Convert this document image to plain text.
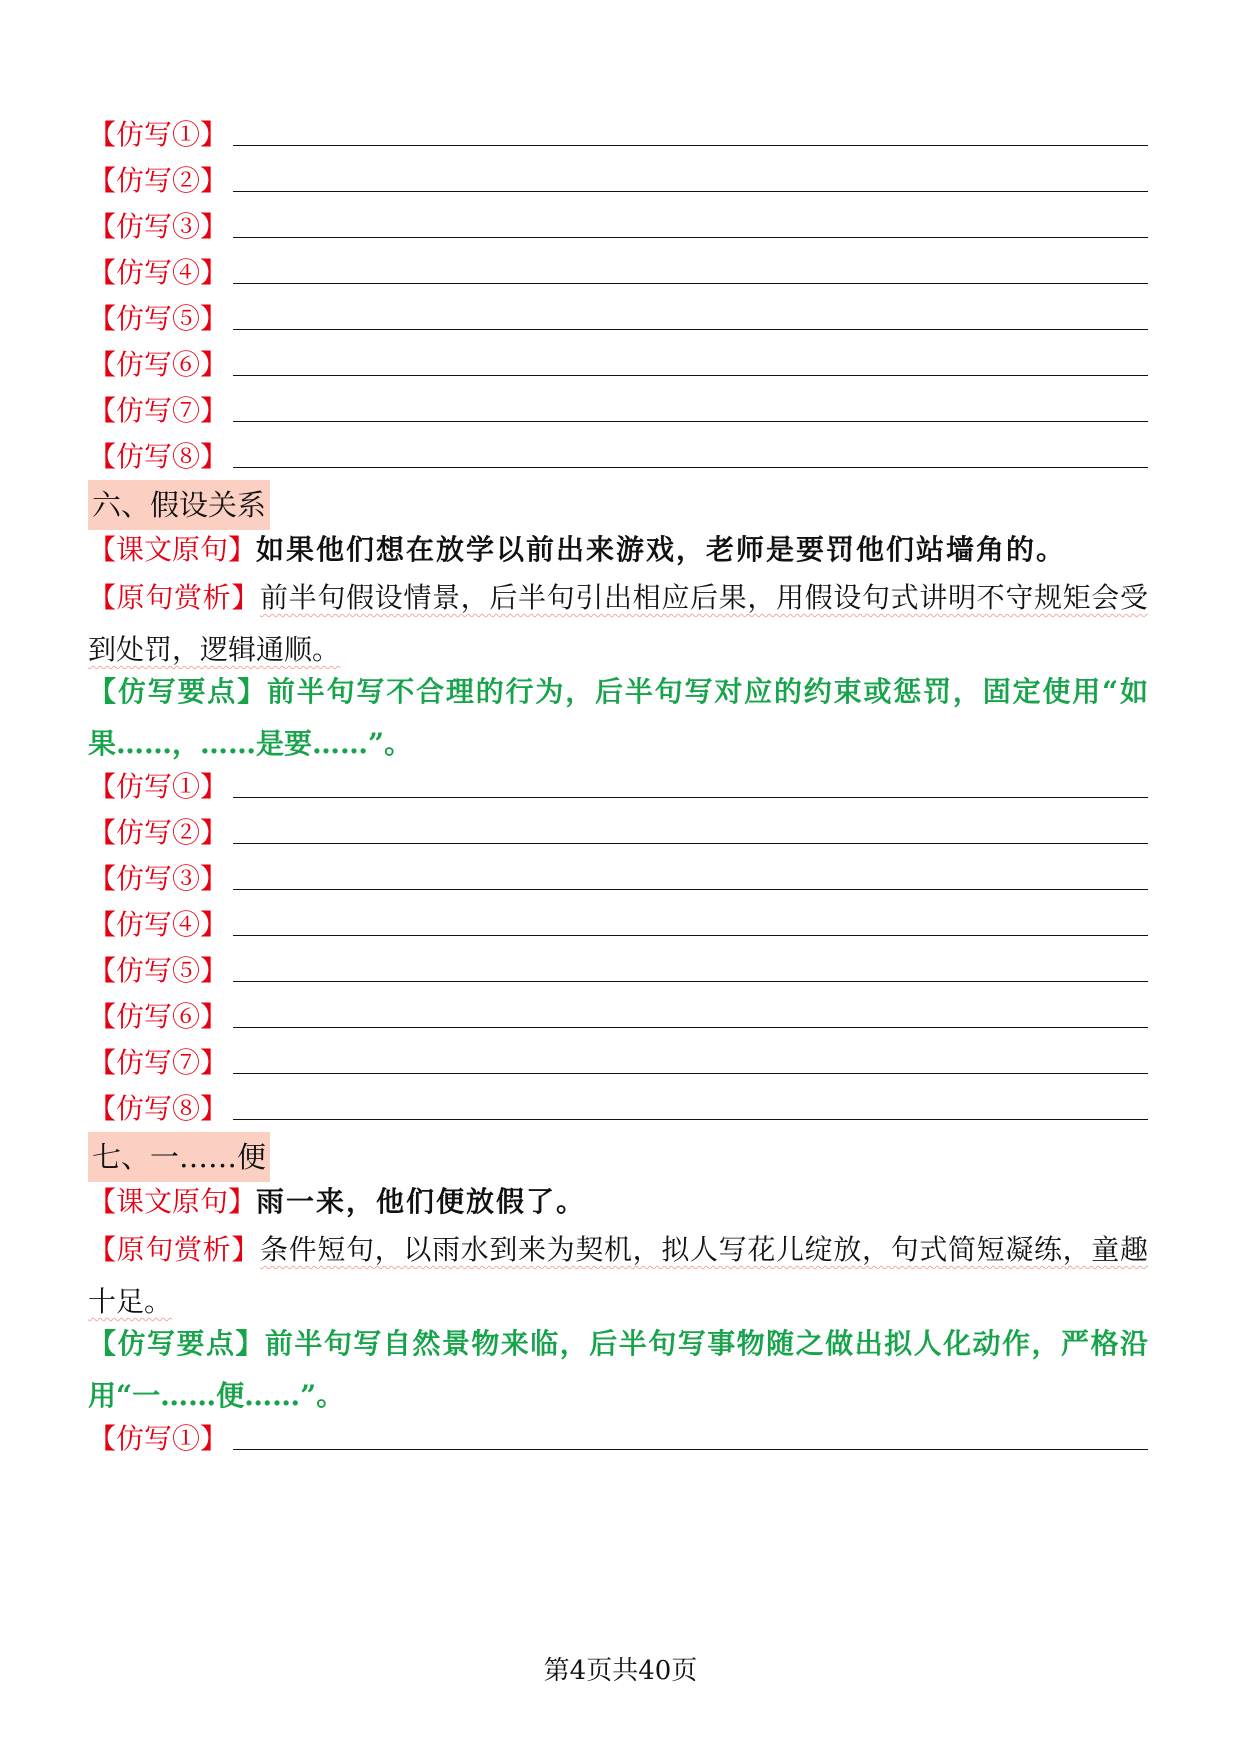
【仿写①】
【仿写②】
【仿写③】
【仿写④】
【仿写⑤】
【仿写⑥】
【仿写⑦】
【仿写⑧】
六、假设关系
【课文原句】如果他们想在放学以前出来游戏，老师是要罚他们站墙角的。
【原句赏析】前半句假设情景，后半句引出相应后果，用假设句式讲明不守规矩会受到处罚，逻辑通顺。
【仿写要点】前半句写不合理的行为，后半句写对应的约束或惩罚，固定使用“如果……，……是要……”。
【仿写①】
【仿写②】
【仿写③】
【仿写④】
【仿写⑤】
【仿写⑥】
【仿写⑦】
【仿写⑧】
七、一……便
【课文原句】雨一来，他们便放假了。
【原句赏析】条件短句，以雨水到来为契机，拟人写花儿绽放，句式简短凝练，童趣十足。
【仿写要点】前半句写自然景物来临，后半句写事物随之做出拟人化动作，严格沿用“一……便……”。
【仿写①】
第4页共40页
